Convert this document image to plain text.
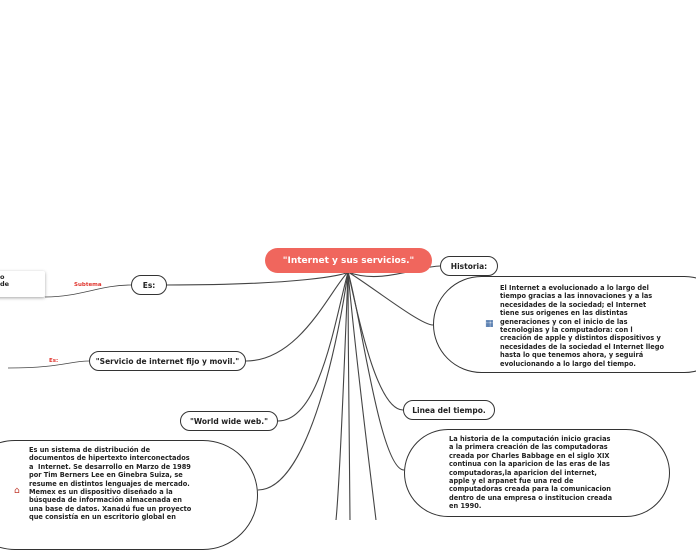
o
de	Subtema
Es:
"Internet y sus servicios."
Es:
"Servicio de internet fijo y movil."
"World wide web."
Linea del tiempo.
Historia:
▦
El Internet a evolucionado a lo largo del
tiempo gracias a las innovaciones y a las
necesidades de la sociedad; el Internet
tiene sus origenes en las distintas
generaciones y con el inicio de las
tecnologias y la computadora: con l
creación de apple y distintos dispositivos y
necesidades de la sociedad el Internet llego
hasta lo que tenemos ahora, y seguirá
evolucionando a lo largo del tiempo.
La historia de la computación inicio gracias
a la primera creación de las computadoras
creada por Charles Babbage en el siglo XIX
continua con la aparicion de las eras de las
computadoras,la aparicion del internet,
apple y el arpanet fue una red de
computadoras creada para la comunicacion
dentro de una empresa o institucion creada
en 1990.
⌂
Es un sistema de distribución de
documentos de hipertexto interconectados
a  Internet. Se desarrollo en Marzo de 1989
por Tim Berners Lee en Ginebra Suiza, se
resume en distintos lenguajes de mercado.
Memex es un dispositivo diseñado a la
búsqueda de información almacenada en
una base de datos. Xanadú fue un proyecto
que consistía en un escritorio global en
